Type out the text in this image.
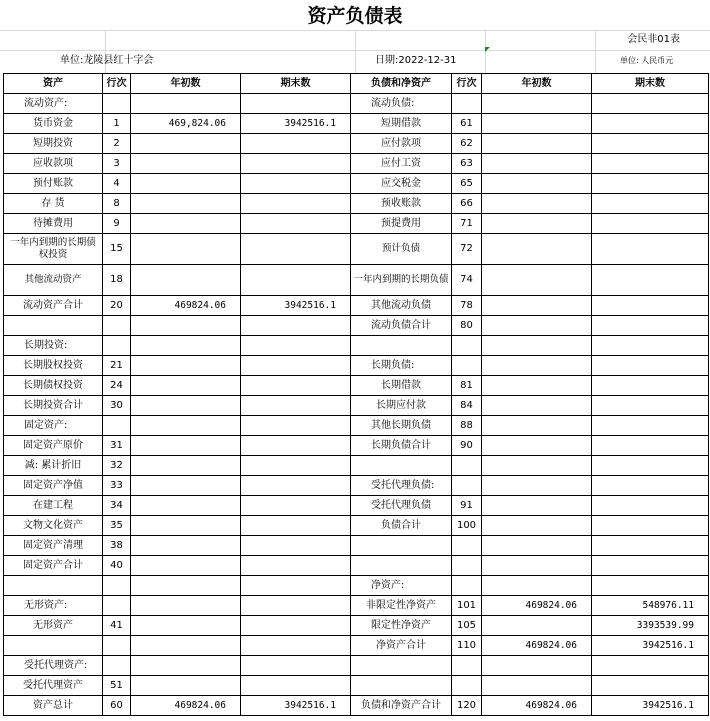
资产负债表
会民非01表
单位:龙陵县红十字会	日期:2022-12-31	单位: 人民币元
资产	行次	年初数	期末数	负债和净资产	行次	年初数	期末数
流动资产:				流动负债:			
货币资金	1	469,824.06	3942516.1	短期借款	61		
短期投资	2			应付款项	62		
应收款项	3			应付工资	63		
预付账款	4			应交税金	65		
存 货	8			预收账款	66		
待摊费用	9			预提费用	71		
一年内到期的长期债权投资	15			预计负债	72		
其他流动资产	18			一年内到期的长期负债	74		
流动资产合计	20	469824.06	3942516.1	其他流动负债	78		
				流动负债合计	80		
长期投资:							
长期股权投资	21			长期负债:			
长期债权投资	24			长期借款	81		
长期投资合计	30			长期应付款	84		
固定资产:				其他长期负债	88		
固定资产原价	31			长期负债合计	90		
减: 累计折旧	32						
固定资产净值	33			受托代理负债:			
在建工程	34			受托代理负债	91		
文物文化资产	35			负债合计	100		
固定资产清理	38						
固定资产合计	40						
				净资产:			
无形资产:				非限定性净资产	101	469824.06	548976.11
无形资产	41			限定性净资产	105		3393539.99
				净资产合计	110	469824.06	3942516.1
受托代理资产:							
受托代理资产	51						
资产总计	60	469824.06	3942516.1	负债和净资产合计	120	469824.06	3942516.1
